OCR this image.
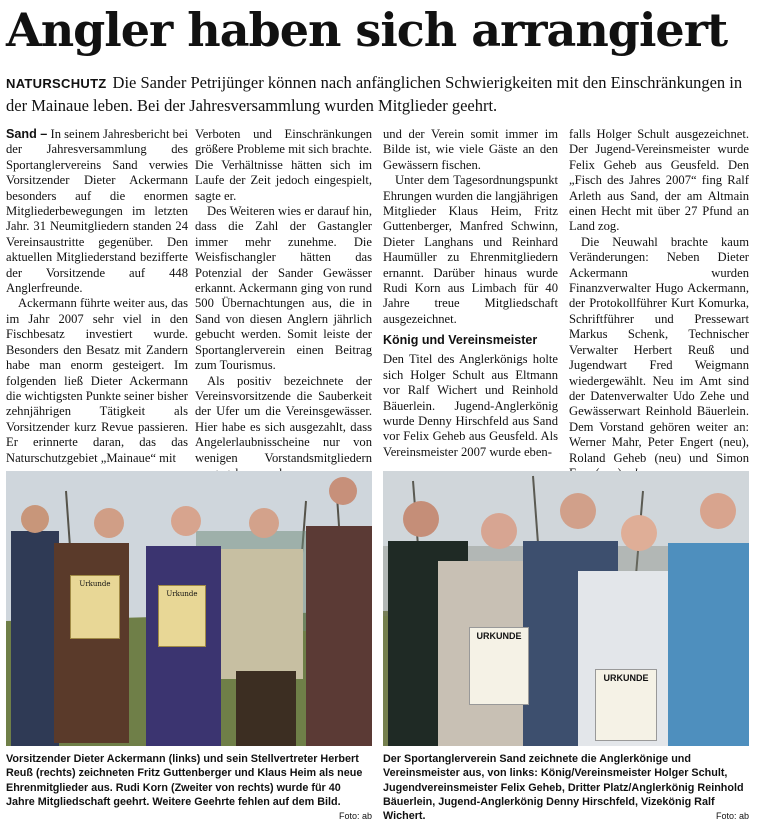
Angler haben sich arrangiert
NATURSCHUTZ Die Sander Petrijünger können nach anfänglichen Schwierigkeiten mit den Einschränkungen in der Mainaue leben. Bei der Jahresversammlung wurden Mitglieder geehrt.

Sand – In seinem Jahresbericht bei der Jahresversammlung des Sportanglervereins Sand verwies Vorsitzender Dieter Ackermann besonders auf die enormen Mitgliederbewegungen im letzten Jahr. 31 Neumitgliedern standen 24 Vereinsaustritte gegenüber. Den aktuellen Mitgliederstand bezifferte der Vorsitzende auf 448 Anglerfreunde.

Ackermann führte weiter aus, das im Jahr 2007 sehr viel in den Fischbesatz investiert wurde. Besonders den Besatz mit Zandern habe man enorm gesteigert. Im folgenden ließ Dieter Ackermann die wichtigsten Punkte seiner bisher zehnjährigen Tätigkeit als Vorsitzender kurz Revue passieren. Er erinnerte daran, das das Naturschutzgebiet „Mainaue“ mit

Verboten und Einschränkungen größere Probleme mit sich brachte. Die Verhältnisse hätten sich im Laufe der Zeit jedoch eingespielt, sagte er.

Des Weiteren wies er darauf hin, dass die Zahl der Gastangler immer mehr zunehme. Die Weisfischangler hätten das Potenzial der Sander Gewässer erkannt. Ackermann ging von rund 500 Übernachtungen aus, die in Sand von diesen Anglern jährlich gebucht werden. Somit leiste der Sportanglerverein einen Beitrag zum Tourismus.

Als positiv bezeichnete der Vereinsvorsitzende die Sauberkeit der Ufer um die Vereinsgewässer. Hier habe es sich ausgezahlt, dass Angelerlaubnisscheine nur von wenigen Vorstandsmitgliedern

und der Verein somit immer im Bilde ist, wie viele Gäste an den Gewässern fischen.

Unter dem Tagesordnungspunkt Ehrungen wurden die langjährigen Mitglieder Klaus Heim, Fritz Guttenberger, Manfred Schwinn, Dieter Langhans und Reinhard Haumüller zu Ehrenmitgliedern ernannt. Darüber hinaus wurde Rudi Korn aus Limbach für 40 Jahre treue Mitgliedschaft ausgezeichnet.

König und Vereinsmeister

Den Titel des Anglerkönigs holte sich Holger Schult aus Eltmann vor Ralf Wichert und Reinhold Bäuerlein. Jugend-Anglerkönig wurde Denny Hirschfeld aus Sand vor Felix Geheb aus Geusfeld. Als Vereinsmeister 2007 wurde eben-

falls Holger Schult ausgezeichnet. Der Jugend-Vereinsmeister wurde Felix Geheb aus Geusfeld. Den „Fisch des Jahres 2007“ fing Ralf Arleth aus Sand, der am Altmain einen Hecht mit über 27 Pfund an Land zog.

Die Neuwahl brachte kaum Veränderungen: Neben Dieter Ackermann wurden Finanzverwalter Hugo Ackermann, der Protokollführer Kurt Komurka, Schriftführer und Pressewart Markus Schenk, Technischer Verwalter Herbert Reuß und Jugendwart Fred Weigmann wiedergewählt. Neu im Amt sind der Datenverwalter Udo Zehe und Gewässerwart Reinhold Bäuerlein. Dem Vorstand gehören weiter an: Werner Mahr, Peter Engert (neu), Roland Geheb (neu) und Simon

Urkunde
Urkunde
URKUNDE
URKUNDE
Vorsitzender Dieter Ackermann (links) und sein Stellvertreter Herbert Reuß (rechts) zeichneten Fritz Guttenberger und Klaus Heim als neue Ehrenmitglieder aus. Rudi Korn (Zweiter von rechts) wurde für 40 Jahre Mitgliedschaft geehrt. Weitere Geehrte fehlen auf dem Bild.
Foto: ab
Der Sportanglerverein Sand zeichnete die Anglerkönige und Vereinsmeister aus, von links: König/Vereinsmeister Holger Schult, Jugendvereinsmeister Felix Geheb, Dritter Platz/Anglerkönig Reinhold Bäuerlein, Jugend-Anglerkönig Denny Hirschfeld, Vizekönig Ralf Wichert.	Foto: ab
